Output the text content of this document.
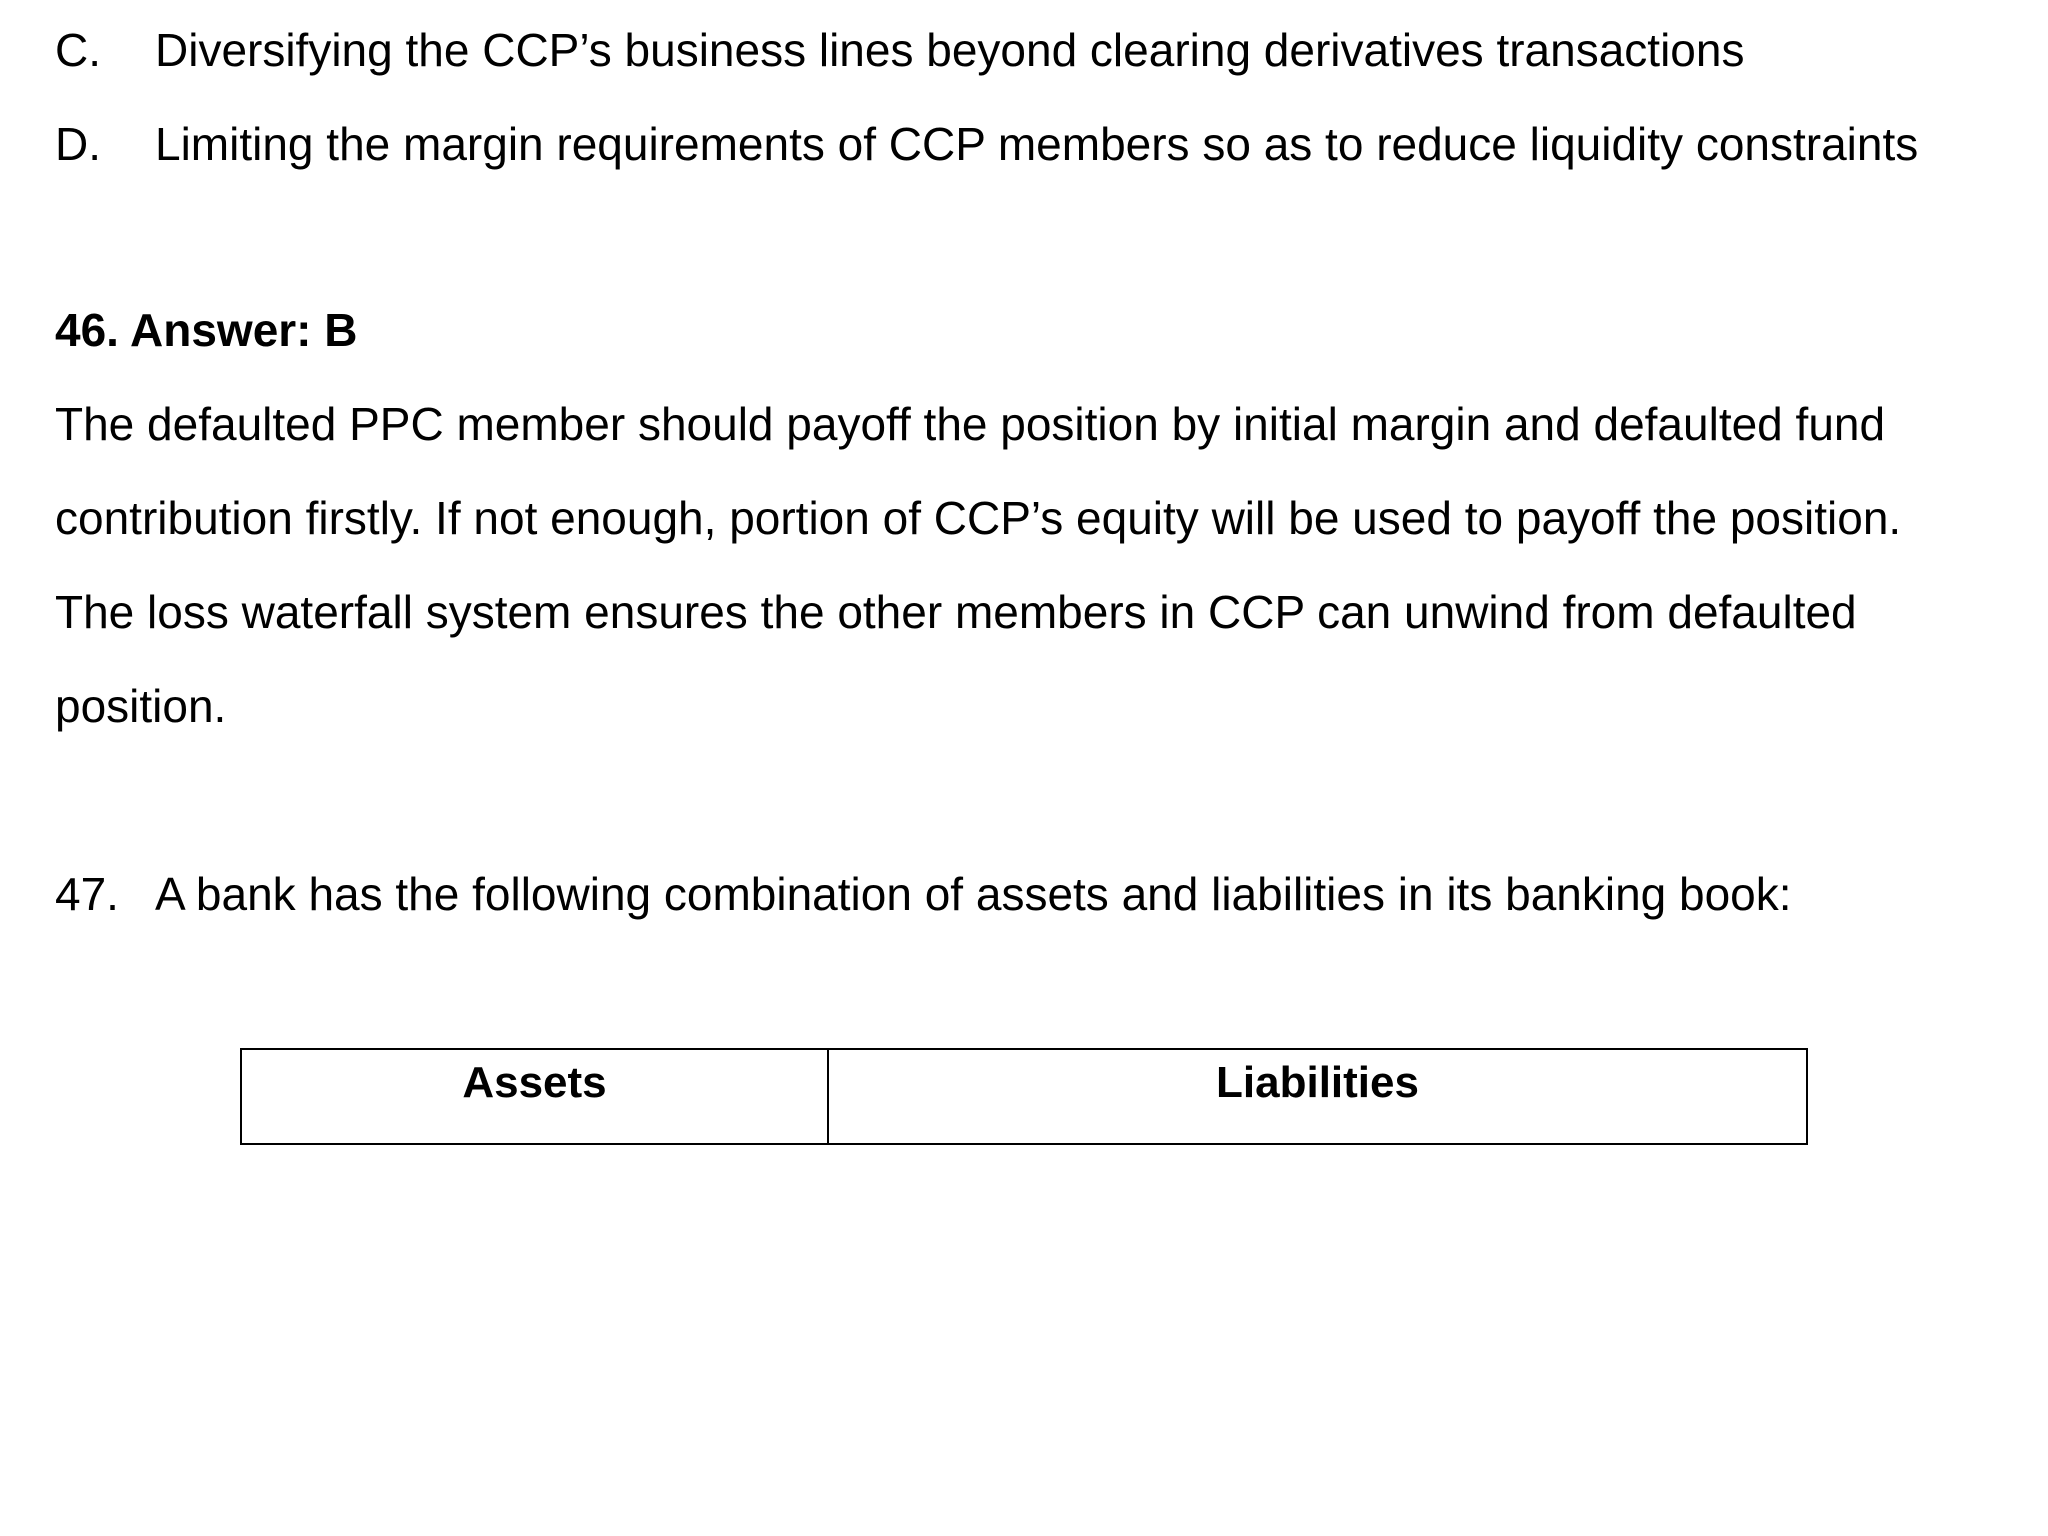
C. Diversifying the CCP’s business lines beyond clearing derivatives transactions
D. Limiting the margin requirements of CCP members so as to reduce liquidity constraints
46. Answer: B
The defaulted PPC member should payoff the position by initial margin and defaulted fund
contribution firstly. If not enough, portion of CCP’s equity will be used to payoff the position.
The loss waterfall system ensures the other members in CCP can unwind from defaulted
position.
47. A bank has the following combination of assets and liabilities in its banking book:
Assets	Liabilities
